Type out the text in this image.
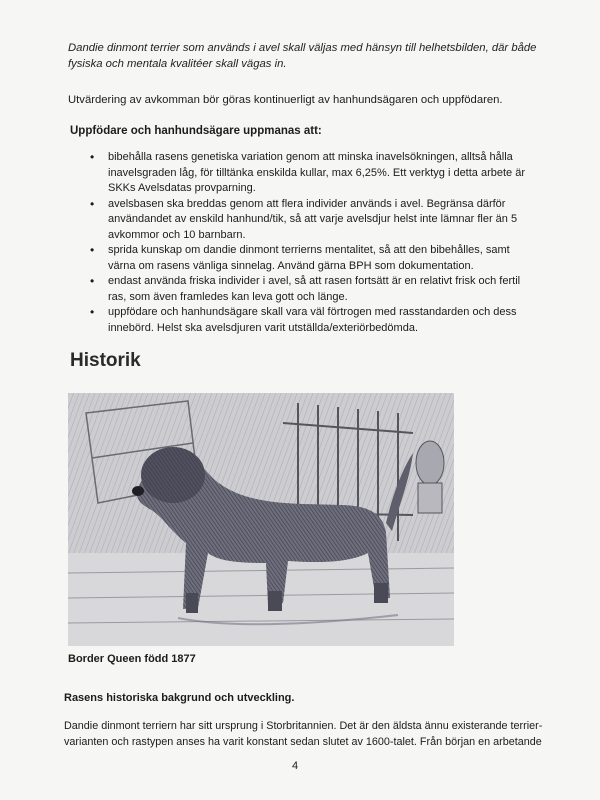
Dandie dinmont terrier som används i avel skall väljas med hänsyn till helhetsbilden, där både fysiska och mentala kvalitéer skall vägas in.
Utvärdering av avkomman bör göras kontinuerligt av hanhundsägaren och uppfödaren.
Uppfödare och hanhundsägare uppmanas att:
• bibehålla rasens genetiska variation genom att minska inavelsökningen, alltså hålla inavelsgraden låg, för tilltänka enskilda kullar, max 6,25%. Ett verktyg i detta arbete är SKKs Avelsdatas provparning.
• avelsbasen ska breddas genom att flera individer används i avel. Begränsa därför användandet av enskild hanhund/tik, så att varje avelsdjur helst inte lämnar fler än 5 avkommor och 10 barnbarn.
• sprida kunskap om dandie dinmont terrierns mentalitet, så att den bibehålles, samt värna om rasens vänliga sinnelag. Använd gärna BPH som dokumentation.
• endast använda friska individer i avel, så att rasen fortsätt är en relativt frisk och fertil ras, som även framledes kan leva gott och länge.
• uppfödare och hanhundsägare skall vara väl förtrogen med rasstandarden och dess innebörd. Helst ska avelsdjuren varit utställda/exteriörbedömda.
Historik
Border Queen född 1877
Rasens historiska bakgrund och utveckling.
Dandie dinmont terriern har sitt ursprung i Storbritannien. Det är den äldsta ännu existerande terrier-varianten och rastypen anses ha varit konstant sedan slutet av 1600-talet. Från början en arbetande
4
